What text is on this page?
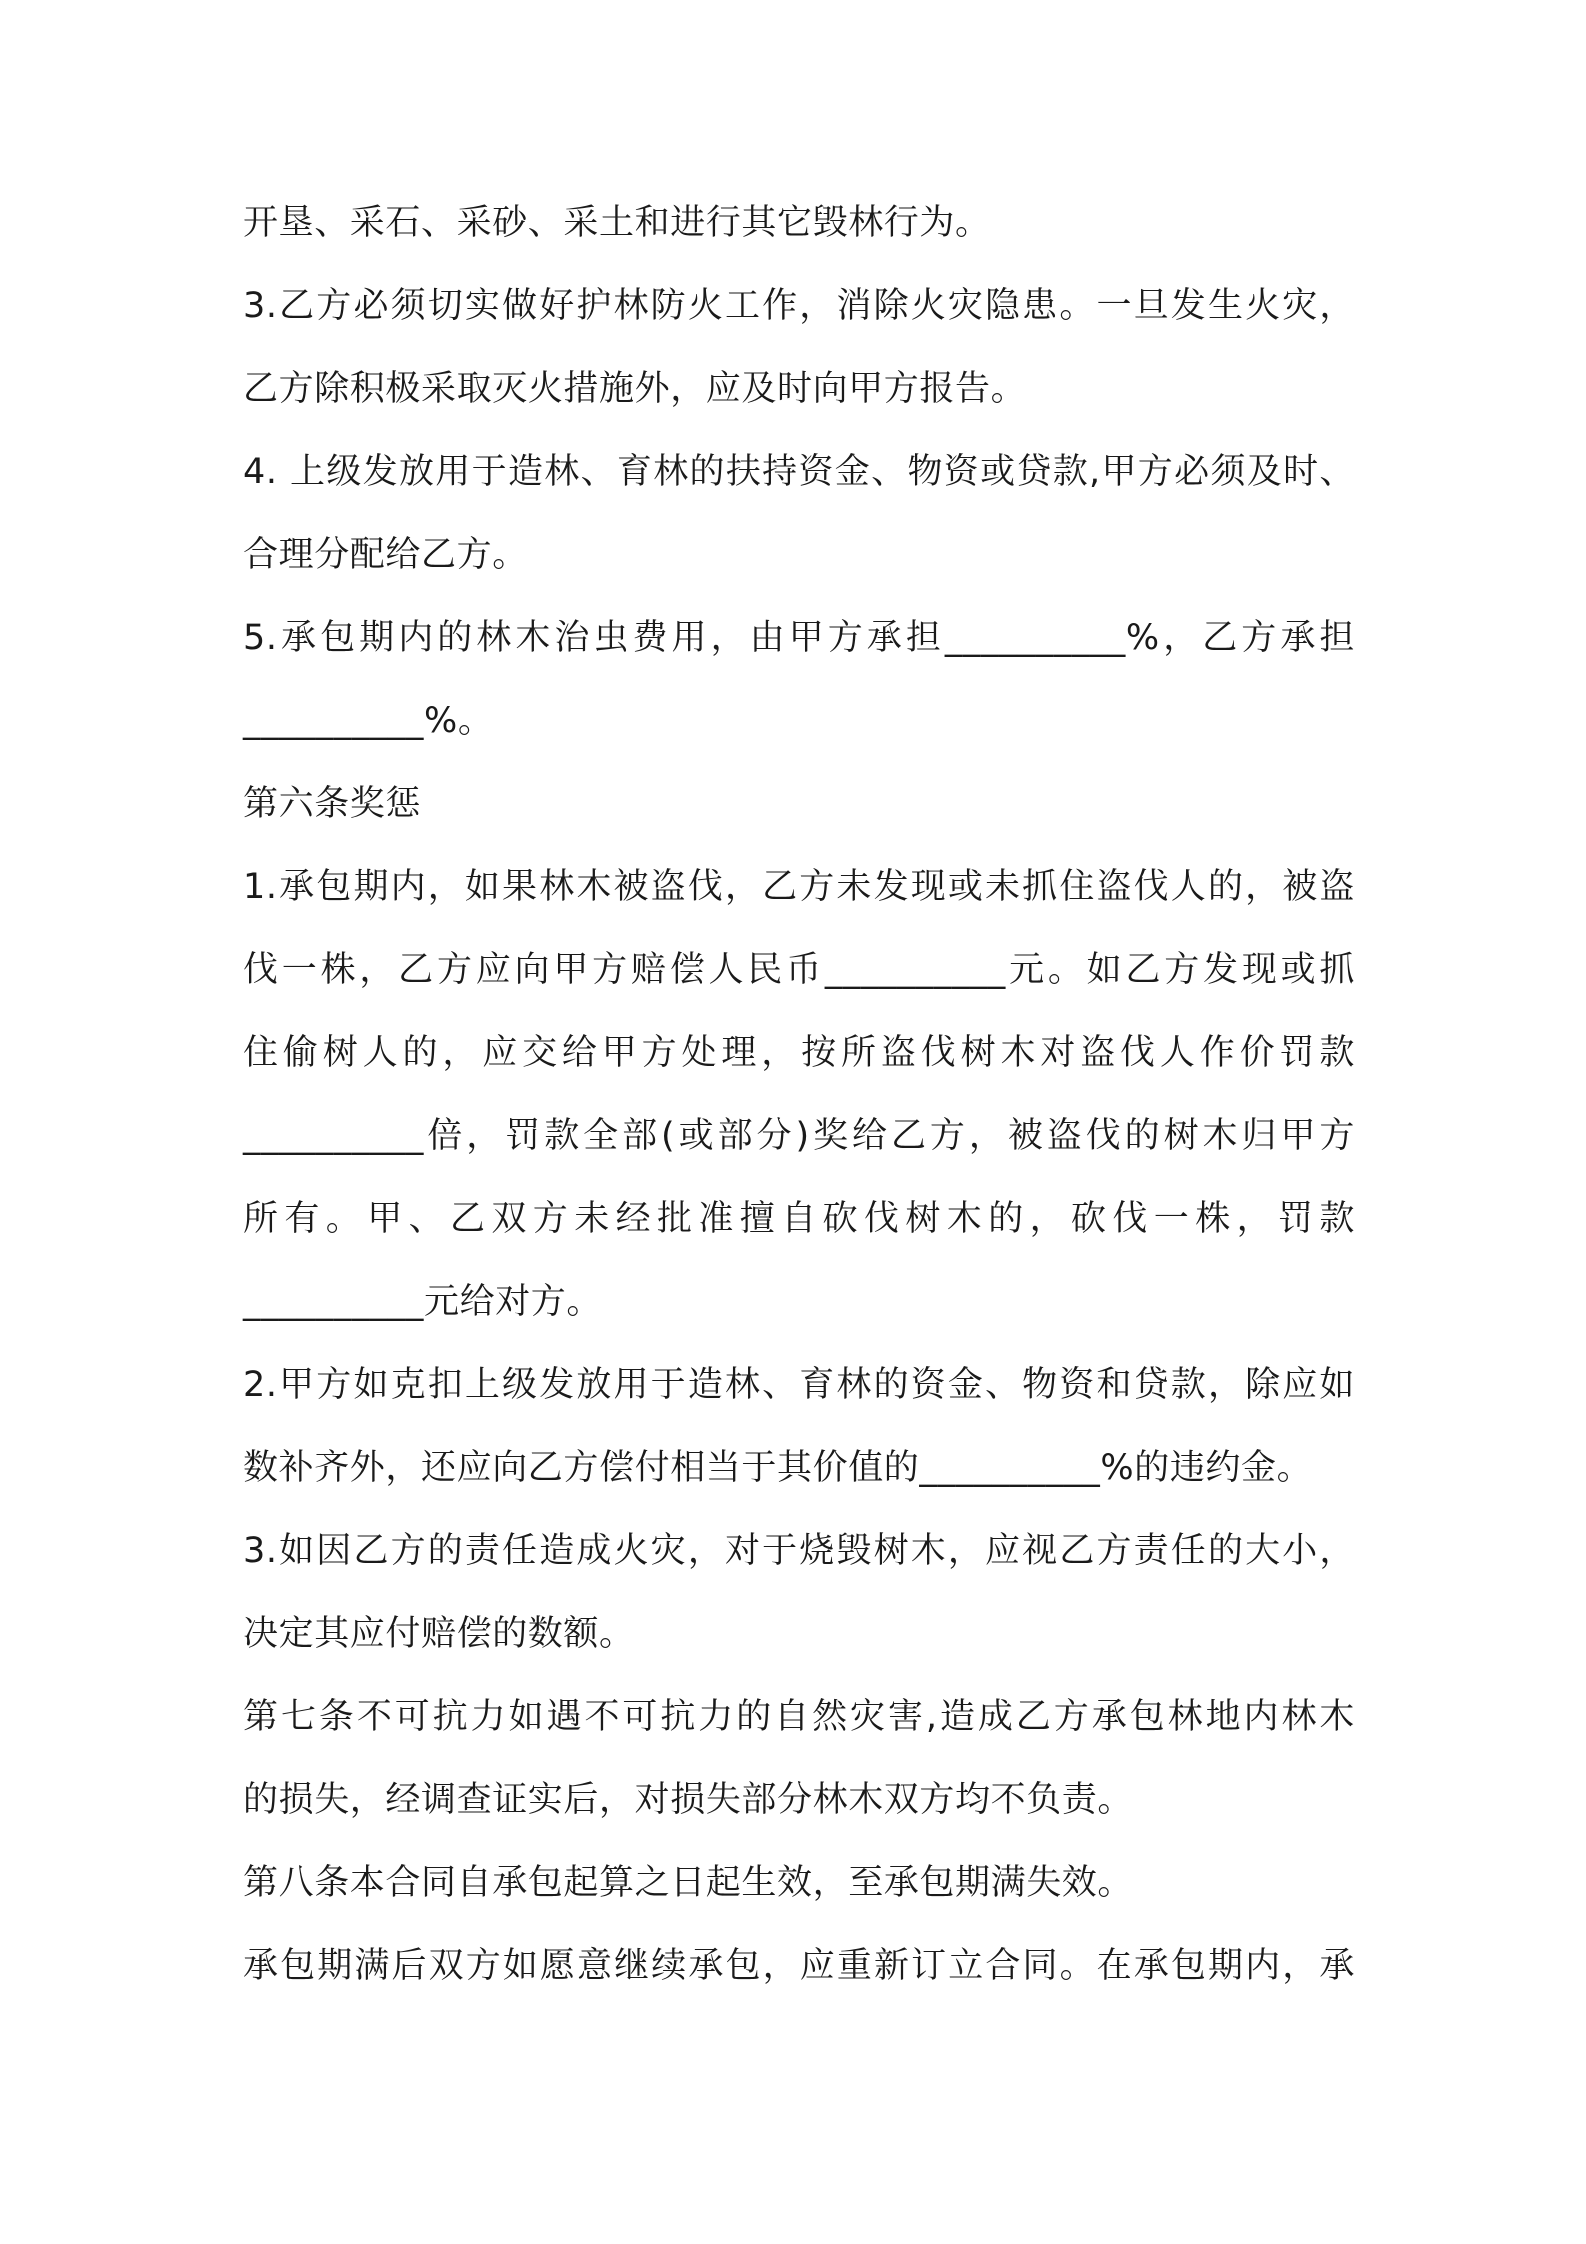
开垦、采石、采砂、采土和进行其它毁林行为。
3.乙方必须切实做好护林防火工作，消除火灾隐患。一旦发生火灾，
乙方除积极采取灭火措施外，应及时向甲方报告。
4. 上级发放用于造林、育林的扶持资金、物资或贷款,甲方必须及时、
合理分配给乙方。
5.承包期内的林木治虫费用，由甲方承担__________%，乙方承担
__________%。
第六条奖惩
1.承包期内，如果林木被盗伐，乙方未发现或未抓住盗伐人的，被盗
伐一株，乙方应向甲方赔偿人民币__________元。如乙方发现或抓
住偷树人的，应交给甲方处理，按所盗伐树木对盗伐人作价罚款
__________倍，罚款全部(或部分)奖给乙方，被盗伐的树木归甲方
所有。甲、乙双方未经批准擅自砍伐树木的，砍伐一株，罚款
__________元给对方。
2.甲方如克扣上级发放用于造林、育林的资金、物资和贷款，除应如
数补齐外，还应向乙方偿付相当于其价值的__________%的违约金。
3.如因乙方的责任造成火灾，对于烧毁树木，应视乙方责任的大小，
决定其应付赔偿的数额。
第七条不可抗力如遇不可抗力的自然灾害,造成乙方承包林地内林木
的损失，经调查证实后，对损失部分林木双方均不负责。
第八条本合同自承包起算之日起生效，至承包期满失效。
承包期满后双方如愿意继续承包，应重新订立合同。在承包期内，承
